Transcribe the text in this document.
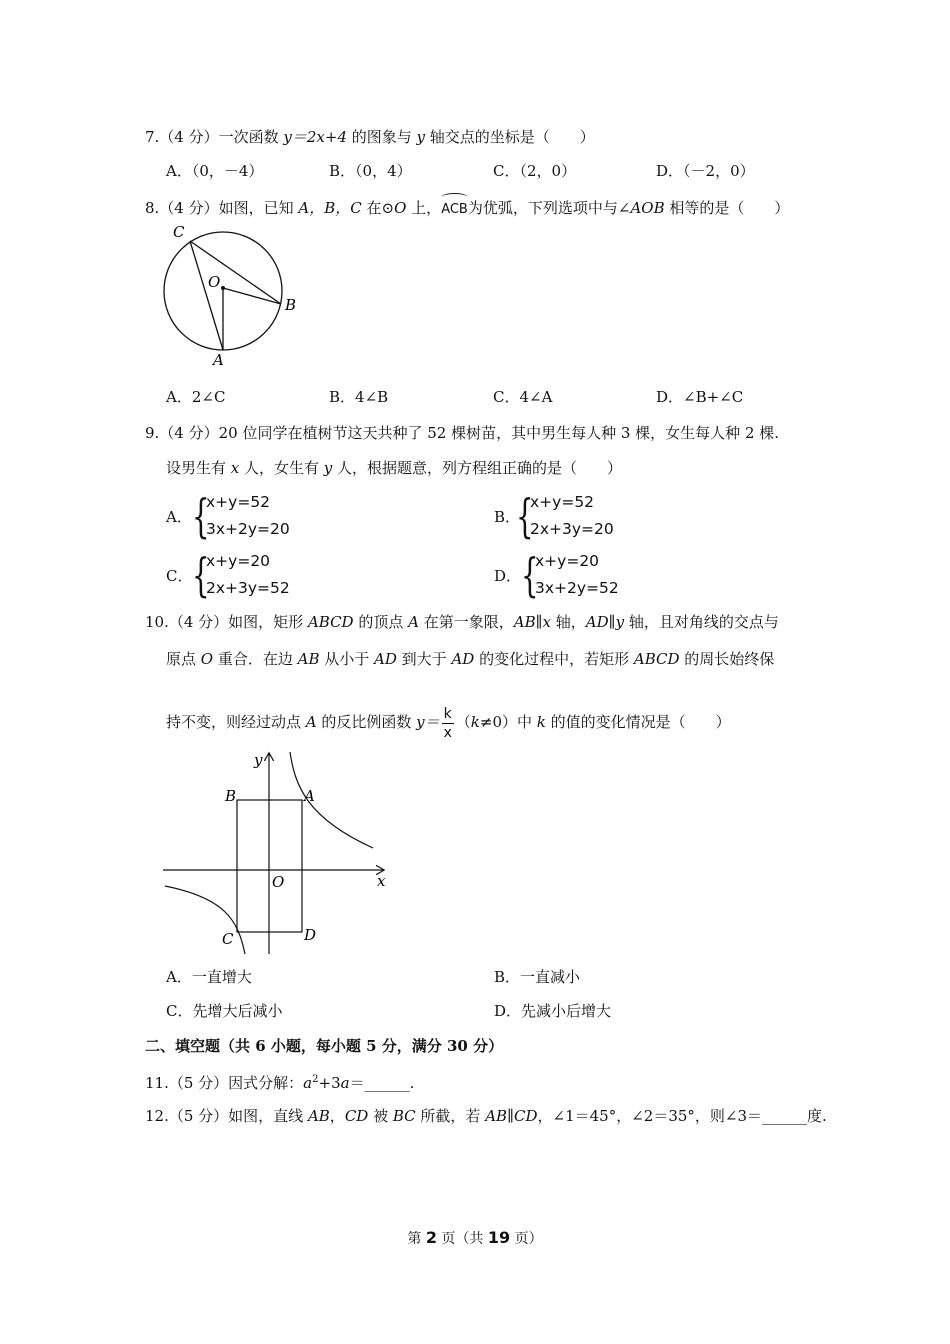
7.（4 分）一次函数 y＝2x+4 的图象与 y 轴交点的坐标是（　　）
A．（0，－4）	B．（0，4）	C．（2，0）	D．（－2，0）
8.（4 分）如图，已知 A，B，C 在⊙O 上，ACB为优弧，下列选项中与∠AOB 相等的是（　　）
C
O
B
A
A．2∠C	B．4∠B	C．4∠A	D．∠B+∠C
9.（4 分）20 位同学在植树节这天共种了 52 棵树苗，其中男生每人种 3 棵，女生每人种 2 棵.
设男生有 x 人，女生有 y 人，根据题意，列方程组正确的是（　　）
A． {
x+y=52
3x+2y=20
B．
{
x+y=52
2x+3y=20
C． {
x+y=20
2x+3y=52
D． {
x+y=20
3x+2y=52
10.（4 分）如图，矩形 ABCD 的顶点 A 在第一象限，AB∥x 轴，AD∥y 轴，且对角线的交点与
原点 O 重合．在边 AB 从小于 AD 到大于 AD 的变化过程中，若矩形 ABCD 的周长始终保
持不变，则经过动点 A 的反比例函数 $y= \frac{k}{x} (k\ne 0)$中 k 的值的变化情况是（　　）
y
x
O
A
B
C	D
A．一直增大	B．一直减小
C．先增大后减小	D．先减小后增大
二、填空题（共 6 小题，每小题 5 分，满分 30 分）
11.（5 分）因式分解：$a^2+3a=\_\_\_\_\_\_$.
12.（5 分）如图，直线 AB，CD 被 BC 所截，若 AB∥CD，∠1＝45°，∠2＝35°，则∠3＝______度.
第 2 页（共 19 页）
